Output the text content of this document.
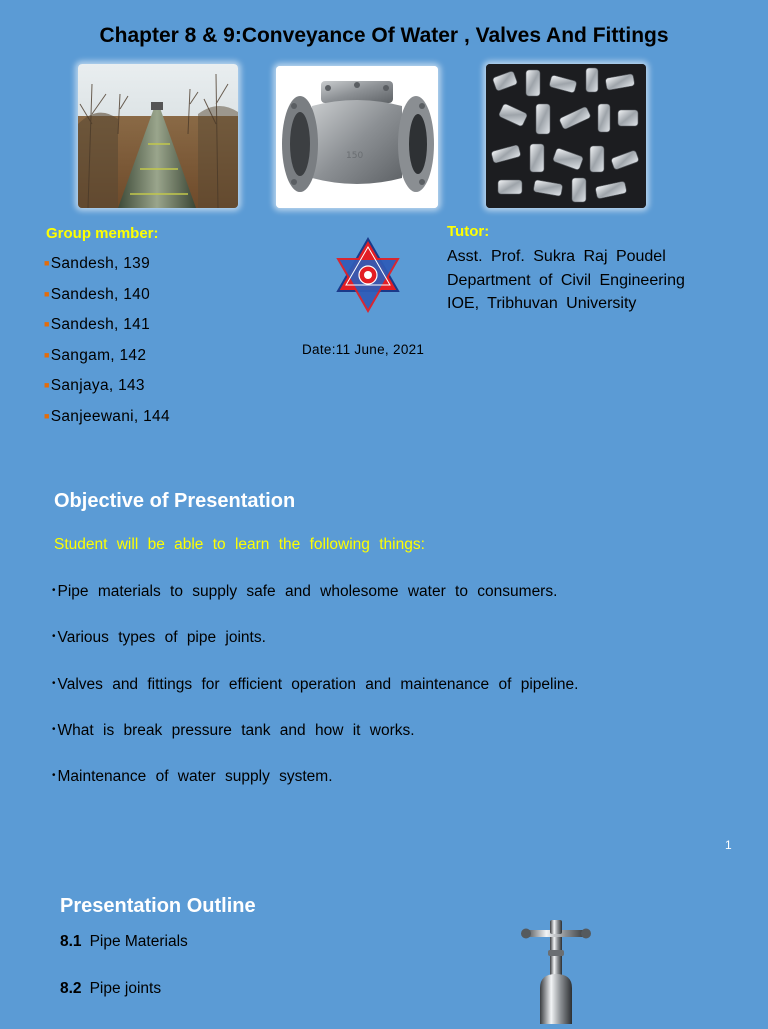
Chapter 8 & 9:Conveyance Of Water , Valves And Fittings
150
Group member:
■Sandesh, 139
■Sandesh, 140
■Sandesh, 141
■Sangam, 142
■Sanjaya, 143
■Sanjeewani, 144
Date:11 June, 2021
Tutor:
Asst. Prof. Sukra Raj Poudel
Department of Civil Engineering
IOE, Tribhuvan University
Objective of Presentation
Student will be able to learn the following things:
• Pipe materials to supply safe and wholesome water to consumers.
• Various types of pipe joints.
• Valves and fittings for efficient operation and maintenance of pipeline.
• What is break pressure tank and how it works.
• Maintenance of water supply system.
1
Presentation Outline
8.1 Pipe Materials
8.2 Pipe joints
